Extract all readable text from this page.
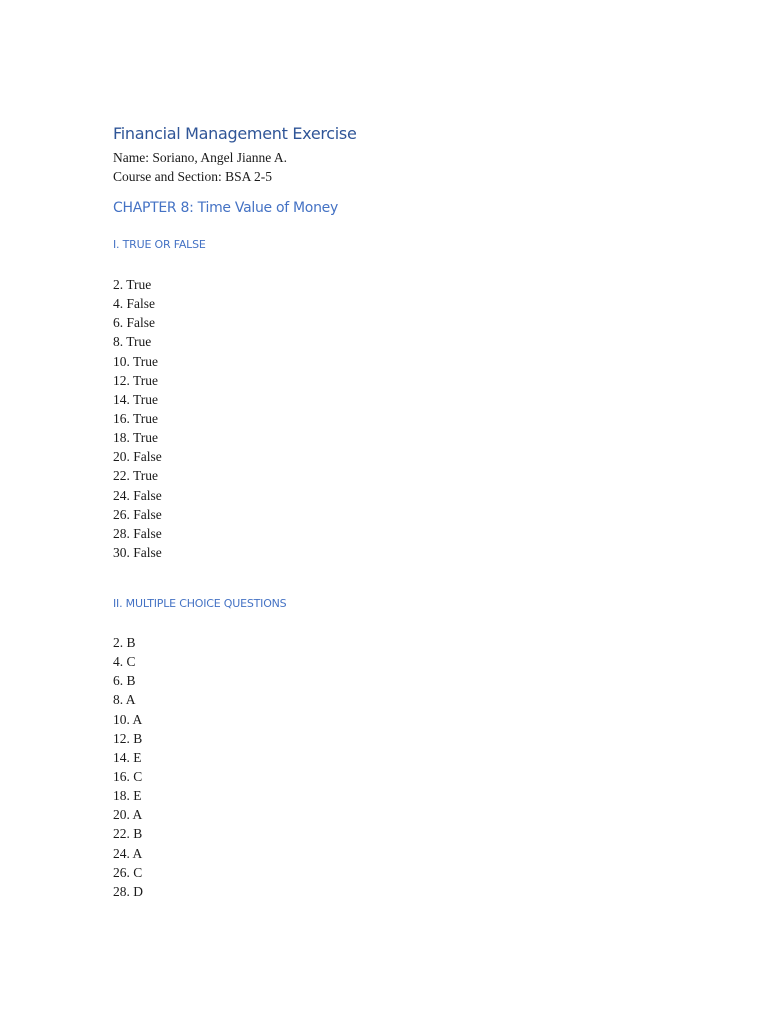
Financial Management Exercise
Name: Soriano, Angel Jianne A.
Course and Section: BSA 2-5
CHAPTER 8: Time Value of Money
I. TRUE OR FALSE
2. True
4. False
6. False
8. True
10. True
12. True
14. True
16. True
18. True
20. False
22. True
24. False
26. False
28. False
30. False
II. MULTIPLE CHOICE QUESTIONS
2. B
4. C
6. B
8. A
10. A
12. B
14. E
16. C
18. E
20. A
22. B
24. A
26. C
28. D
